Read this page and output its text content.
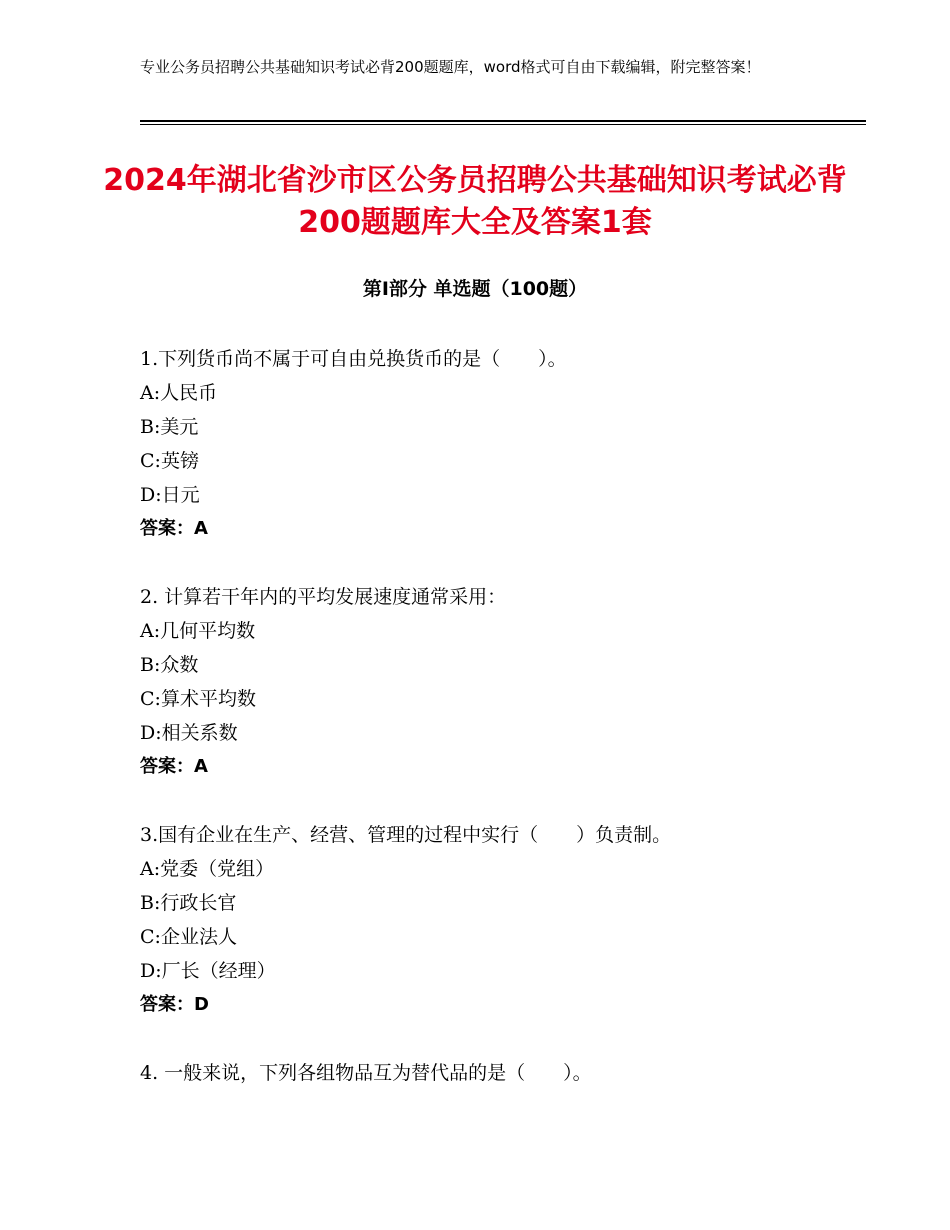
专业公务员招聘公共基础知识考试必背200题题库，word格式可自由下载编辑，附完整答案！
2024年湖北省沙市区公务员招聘公共基础知识考试必背200题题库大全及答案1套
第Ⅰ部分 单选题（100题）
1.下列货币尚不属于可自由兑换货币的是（　　）。
A:人民币
B:美元
C:英镑
D:日元
答案：A
2. 计算若干年内的平均发展速度通常采用：
A:几何平均数
B:众数
C:算术平均数
D:相关系数
答案：A
3.国有企业在生产、经营、管理的过程中实行（　　）负责制。
A:党委（党组）
B:行政长官
C:企业法人
D:厂长（经理）
答案：D
4. 一般来说，下列各组物品互为替代品的是（　　）。
